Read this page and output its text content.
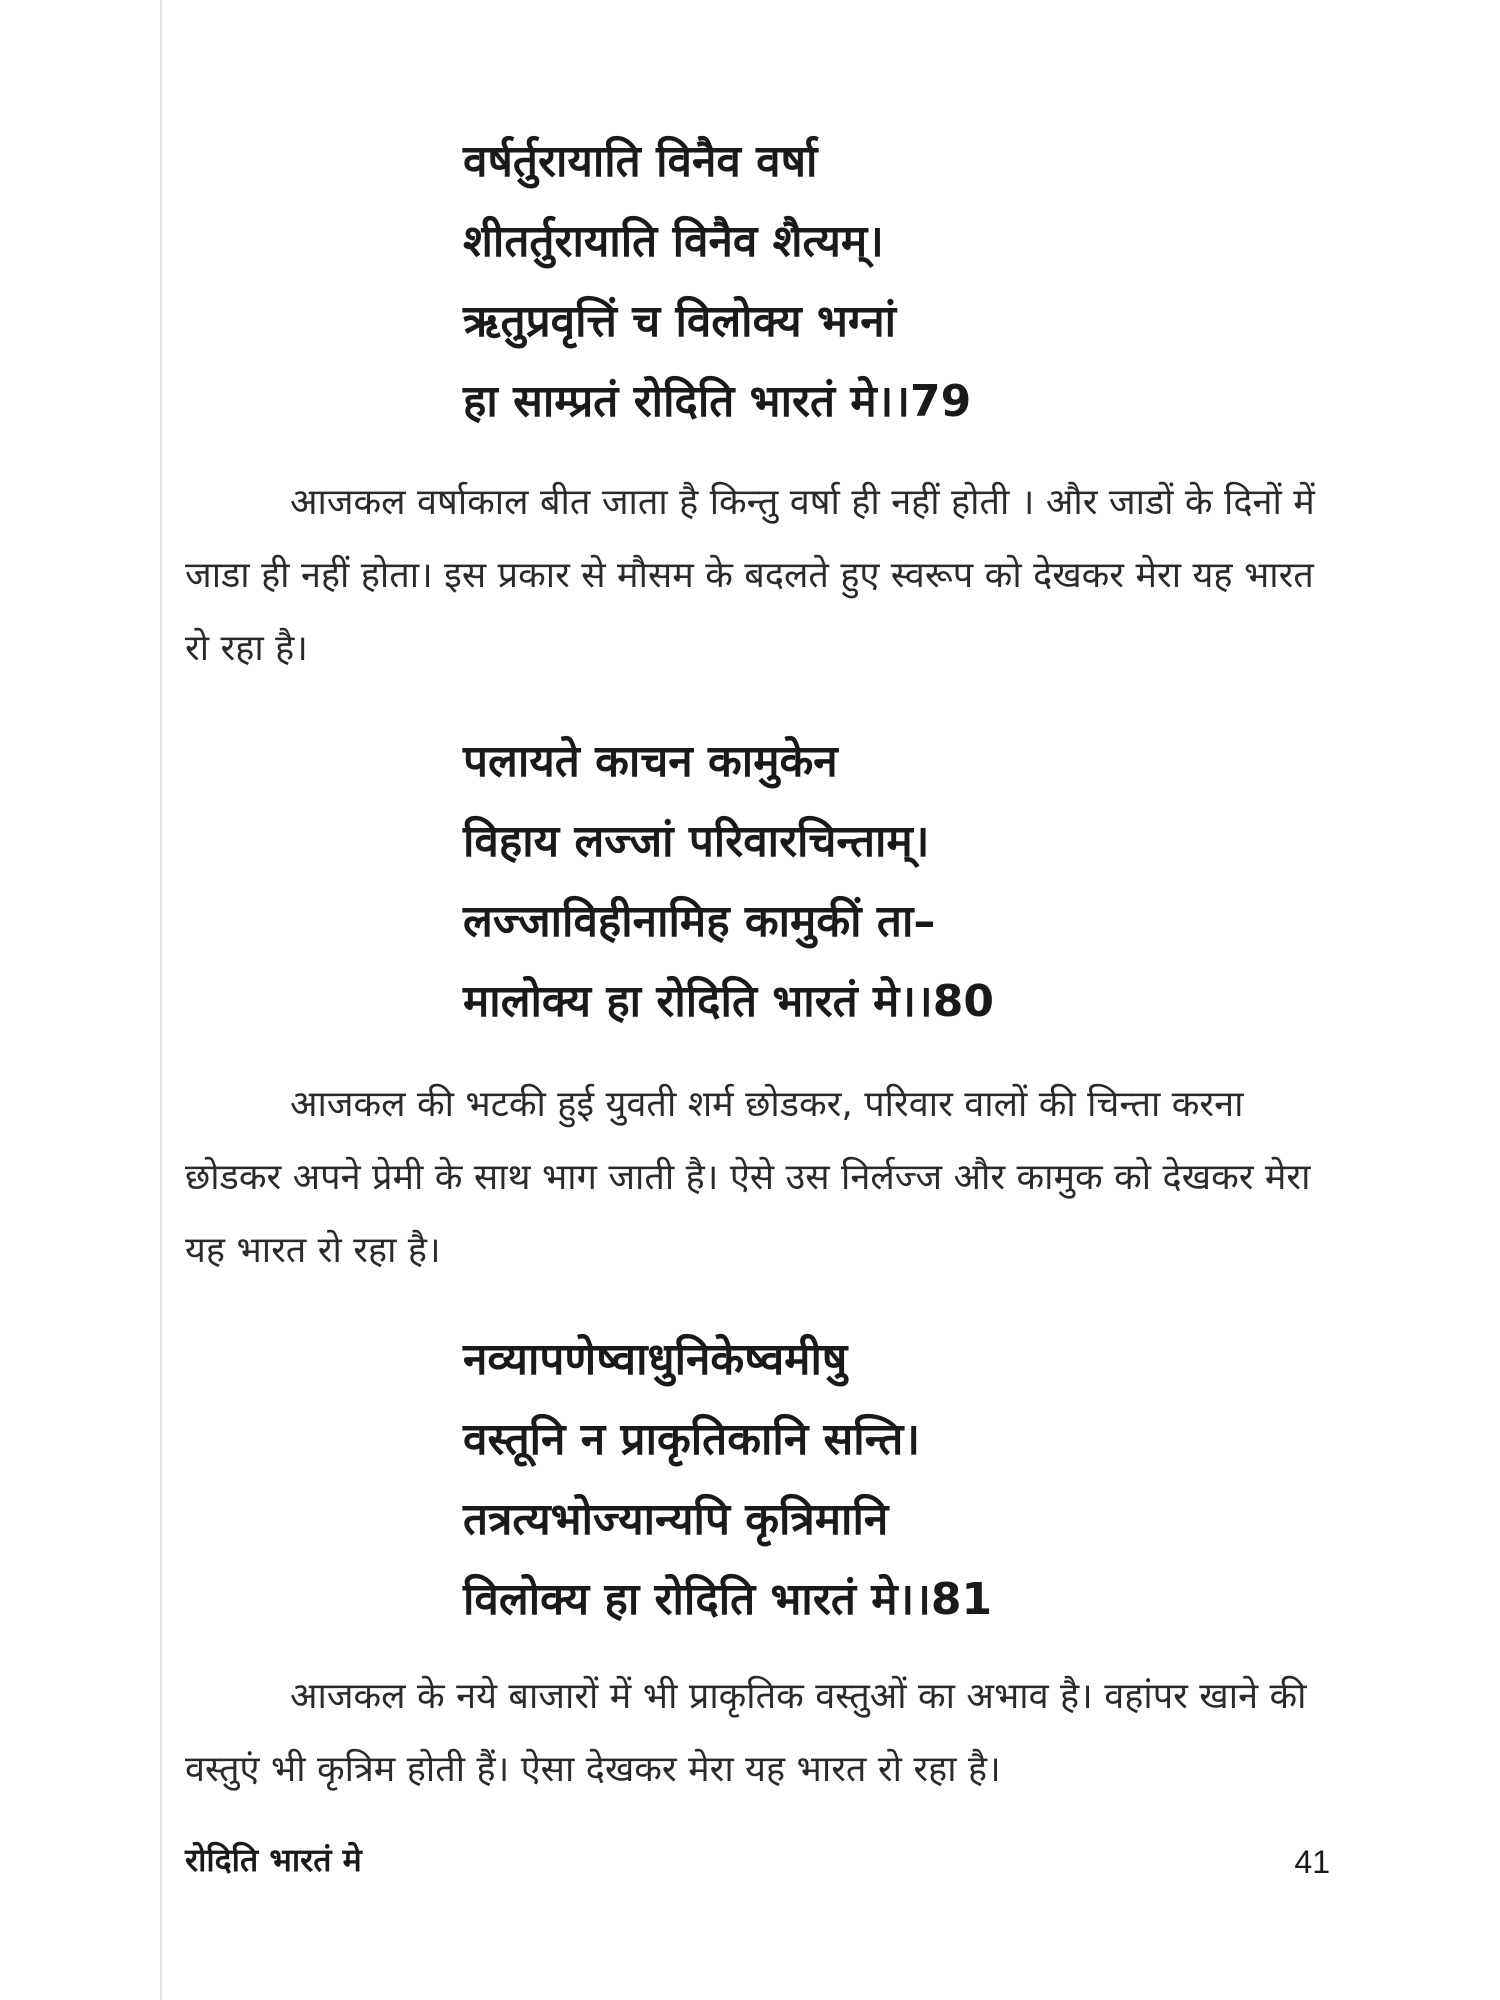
वर्षर्तुरायाति विनैव वर्षा
शीतर्तुरायाति विनैव शैत्यम्।
ऋतुप्रवृत्तिं च विलोक्य भग्नां
हा साम्प्रतं रोदिति भारतं मे।।79

आजकल वर्षाकाल बीत जाता है किन्तु वर्षा ही नहीं होती । और जाडों के दिनों में जाडा ही नहीं होता। इस प्रकार से मौसम के बदलते हुए स्वरूप को देखकर मेरा यह भारत रो रहा है।

पलायते काचन कामुकेन
विहाय लज्जां परिवारचिन्ताम्।
लज्जाविहीनामिह कामुकीं ता–
मालोक्य हा रोदिति भारतं मे।।80

आजकल की भटकी हुई युवती शर्म छोडकर, परिवार वालों की चिन्ता करना छोडकर अपने प्रेमी के साथ भाग जाती है। ऐसे उस निर्लज्ज और कामुक को देखकर मेरा यह भारत रो रहा है।

नव्यापणेष्वाधुनिकेष्वमीषु
वस्तूनि न प्राकृतिकानि सन्ति।
तत्रत्यभोज्यान्यपि कृत्रिमानि
विलोक्य हा रोदिति भारतं मे।।81

आजकल के नये बाजारों में भी प्राकृतिक वस्तुओं का अभाव है। वहांपर खाने की वस्तुएं भी कृत्रिम होती हैं। ऐसा देखकर मेरा यह भारत रो रहा है।

रोदिति भारतं मे	41
